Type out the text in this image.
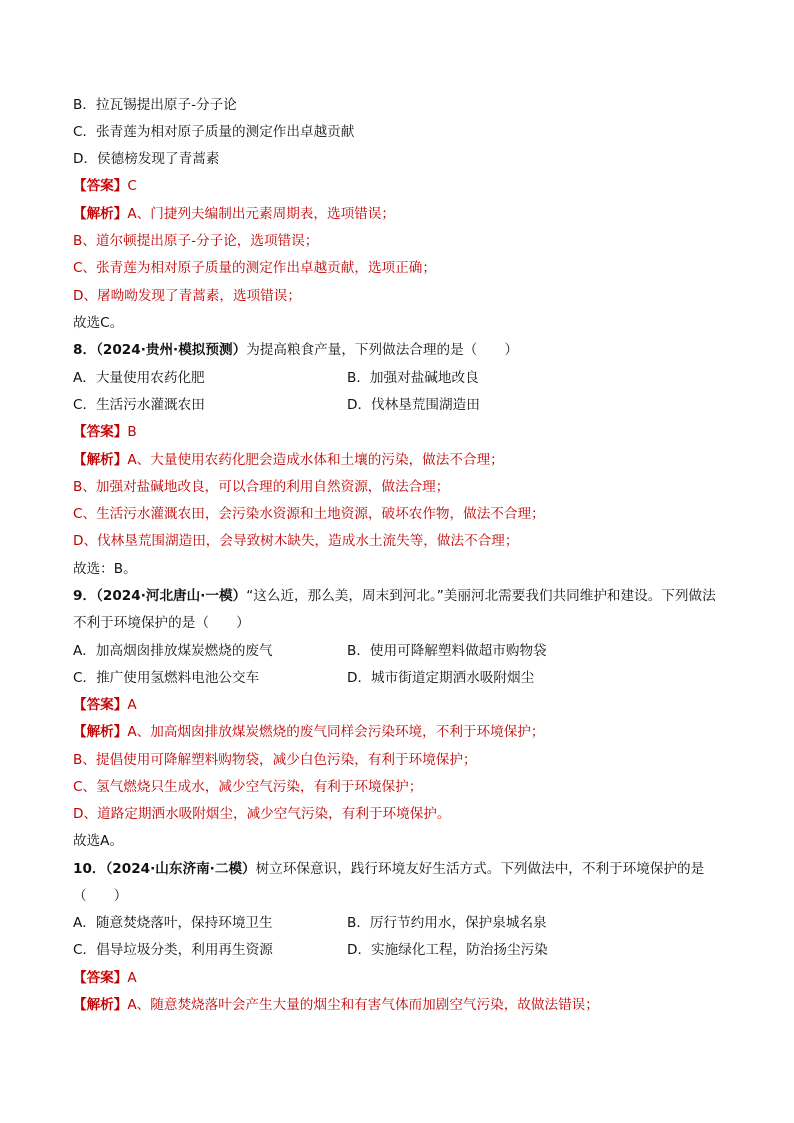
B．拉瓦锡提出原子-分子论
C．张青莲为相对原子质量的测定作出卓越贡献
D．侯德榜发现了青蒿素
【答案】C
【解析】A、门捷列夫编制出元素周期表，选项错误；
B、道尔顿提出原子-分子论，选项错误；
C、张青莲为相对原子质量的测定作出卓越贡献，选项正确；
D、屠呦呦发现了青蒿素，选项错误；
故选C。
8．（2024·贵州·模拟预测）为提高粮食产量，下列做法合理的是（　　）
A．大量使用农药化肥	B．加强对盐碱地改良
C．生活污水灌溉农田	D．伐林垦荒围湖造田
【答案】B
【解析】A、大量使用农药化肥会造成水体和土壤的污染，做法不合理；
B、加强对盐碱地改良，可以合理的利用自然资源，做法合理；
C、生活污水灌溉农田，会污染水资源和土地资源，破坏农作物，做法不合理；
D、伐林垦荒围湖造田，会导致树木缺失，造成水土流失等，做法不合理；
故选：B。
9．（2024·河北唐山·一模）“这么近，那么美，周末到河北。”美丽河北需要我们共同维护和建设。下列做法
不利于环境保护的是（　　）
A．加高烟囱排放煤炭燃烧的废气	B．使用可降解塑料做超市购物袋
C．推广使用氢燃料电池公交车	D．城市街道定期洒水吸附烟尘
【答案】A
【解析】A、加高烟囱排放煤炭燃烧的废气同样会污染环境，不利于环境保护；
B、提倡使用可降解塑料购物袋，减少白色污染，有利于环境保护；
C、氢气燃烧只生成水，减少空气污染，有利于环境保护；
D、道路定期洒水吸附烟尘，减少空气污染，有利于环境保护。
故选A。
10．（2024·山东济南·二模）树立环保意识，践行环境友好生活方式。下列做法中，不利于环境保护的是
（　　）
A．随意焚烧落叶，保持环境卫生	B．厉行节约用水，保护泉城名泉
C．倡导垃圾分类，利用再生资源	D．实施绿化工程，防治扬尘污染
【答案】A
【解析】A、随意焚烧落叶会产生大量的烟尘和有害气体而加剧空气污染，故做法错误；
